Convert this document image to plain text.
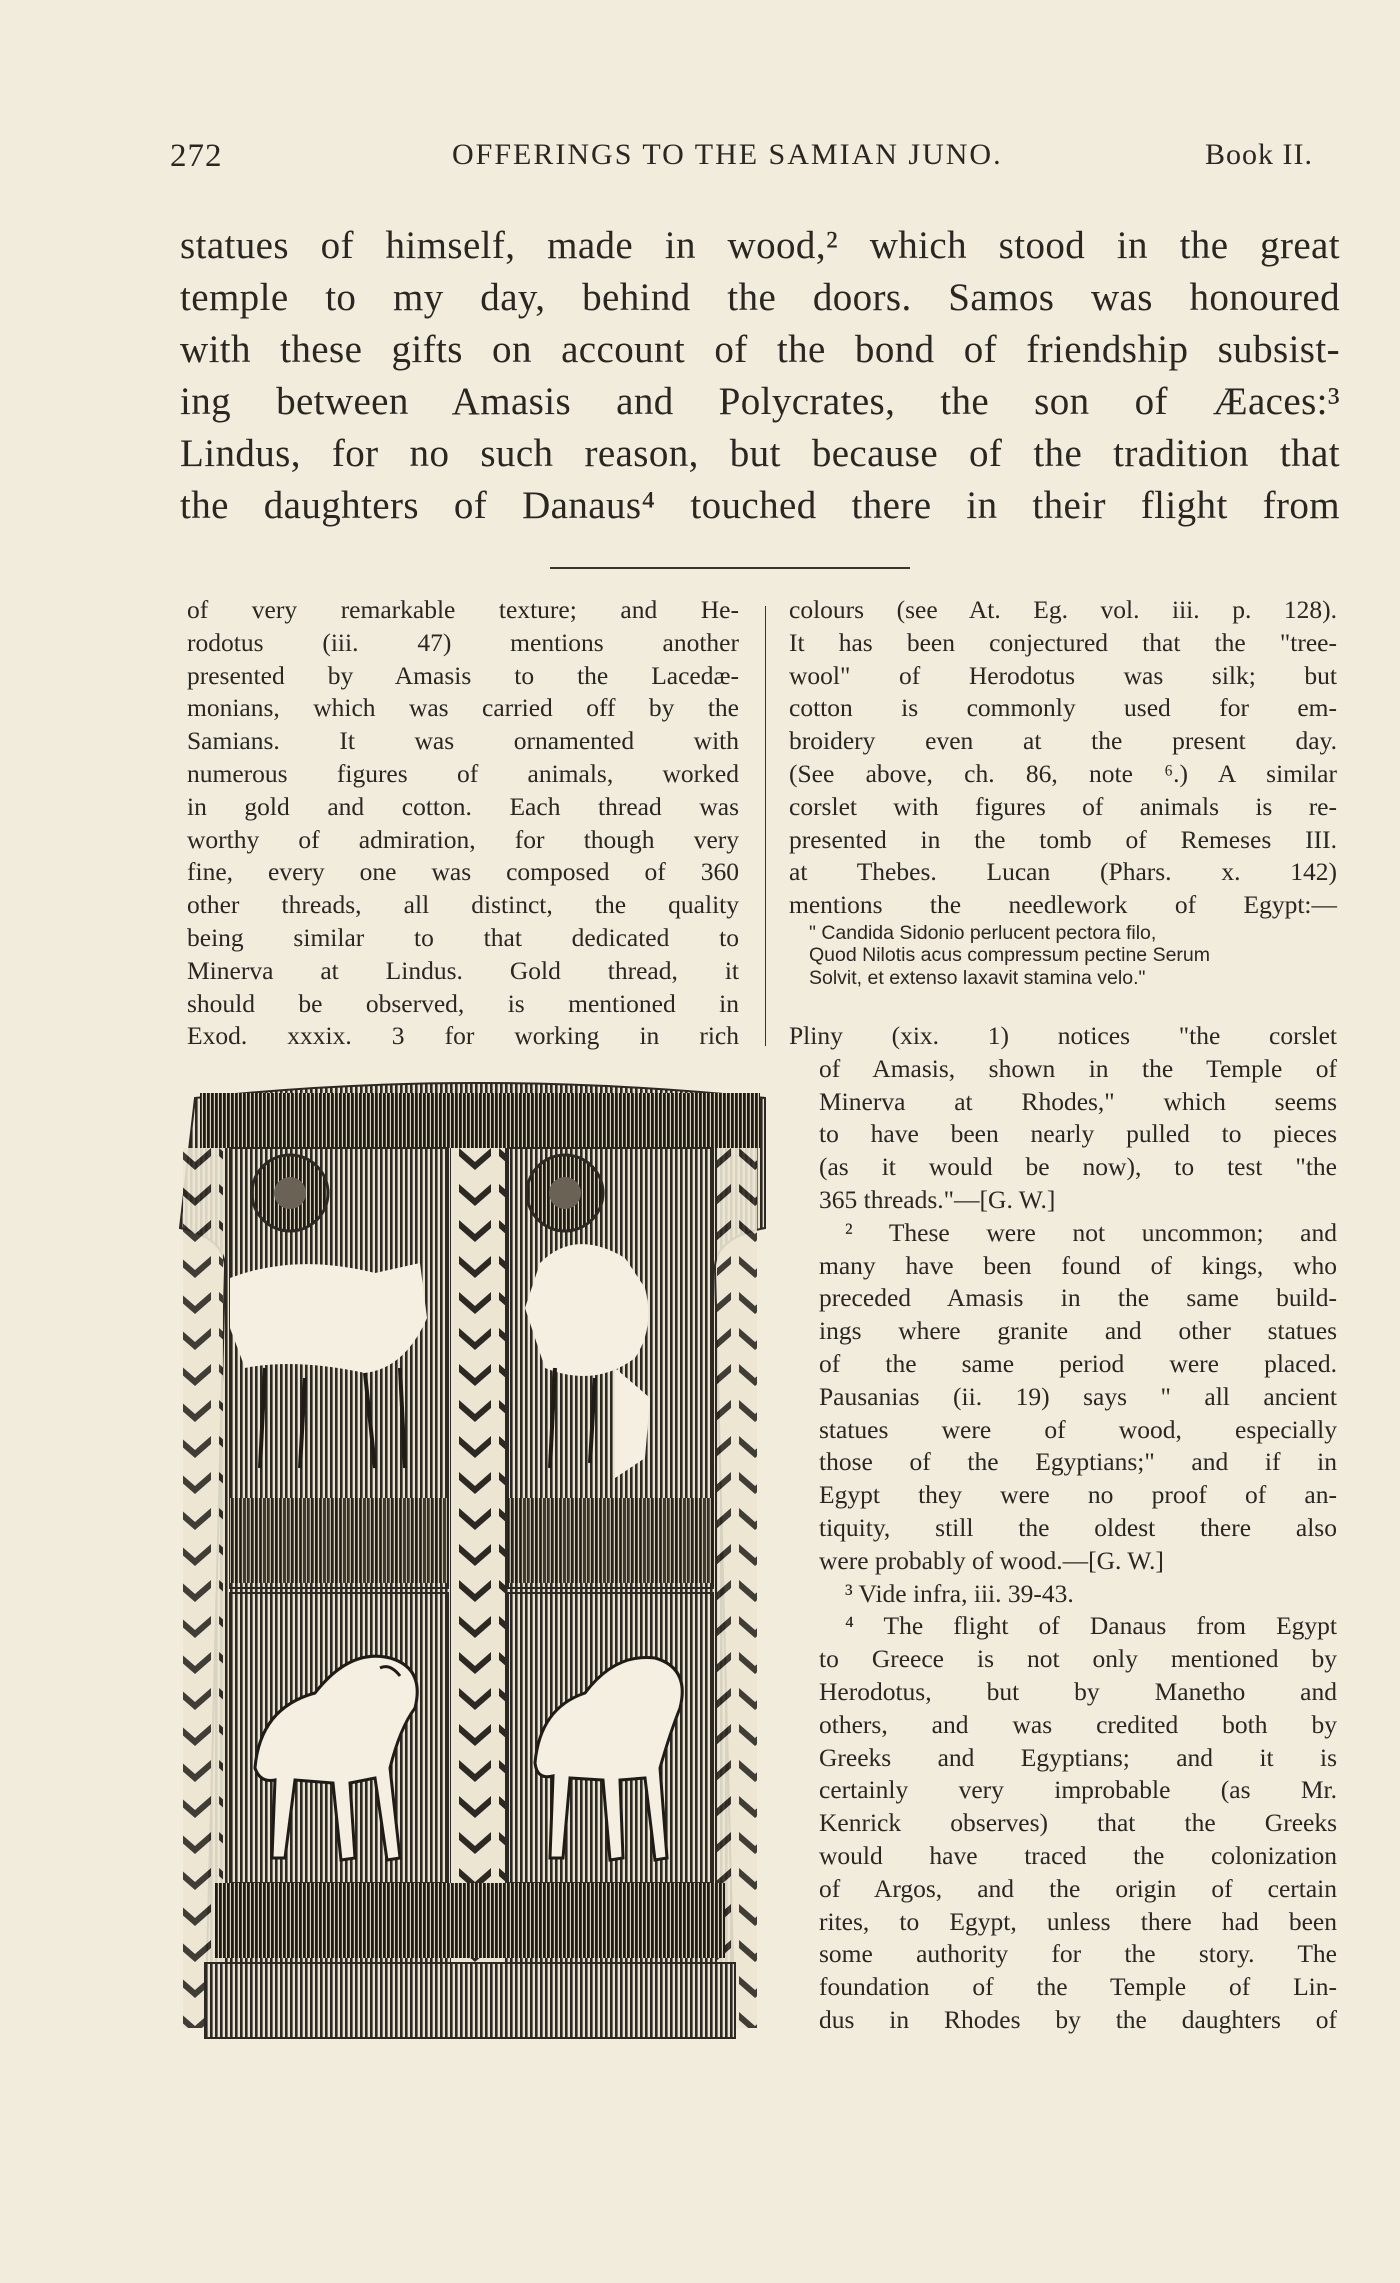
272	OFFERINGS TO THE SAMIAN JUNO.	Book II.

statues of himself, made in wood,² which stood in the great

temple to my day, behind the doors. Samos was honoured

with these gifts on account of the bond of friendship subsist-

ing between Amasis and Polycrates, the son of Æaces:³

Lindus, for no such reason, but because of the tradition that

the daughters of Danaus⁴ touched there in their flight from

of very remarkable texture; and He-

rodotus (iii. 47) mentions another

presented by Amasis to the Lacedæ-

monians, which was carried off by the

Samians. It was ornamented with

numerous figures of animals, worked

in gold and cotton. Each thread was

worthy of admiration, for though very

fine, every one was composed of 360

other threads, all distinct, the quality

being similar to that dedicated to

Minerva at Lindus. Gold thread, it

should be observed, is mentioned in

Exod. xxxix. 3 for working in rich

colours (see At. Eg. vol. iii. p. 128).

It has been conjectured that the "tree-

wool" of Herodotus was silk; but

cotton is commonly used for em-

broidery even at the present day.

(See above, ch. 86, note ⁶.) A similar

corslet with figures of animals is re-

presented in the tomb of Remeses III.

at Thebes. Lucan (Phars. x. 142)

mentions the needlework of Egypt:—

" Candida Sidonio perlucent pectora filo,

Quod Nilotis acus compressum pectine Serum

Solvit, et extenso laxavit stamina velo."

Pliny (xix. 1) notices "the corslet

of Amasis, shown in the Temple of

Minerva at Rhodes," which seems

to have been nearly pulled to pieces

(as it would be now), to test "the

365 threads."—[G. W.]

² These were not uncommon; and

many have been found of kings, who

preceded Amasis in the same build-

ings where granite and other statues

of the same period were placed.

Pausanias (ii. 19) says " all ancient

statues were of wood, especially

those of the Egyptians;" and if in

Egypt they were no proof of an-

tiquity, still the oldest there also

were probably of wood.—[G. W.]

³ Vide infra, iii. 39-43.

⁴ The flight of Danaus from Egypt

to Greece is not only mentioned by

Herodotus, but by Manetho and

others, and was credited both by

Greeks and Egyptians; and it is

certainly very improbable (as Mr.

Kenrick observes) that the Greeks

would have traced the colonization

of Argos, and the origin of certain

rites, to Egypt, unless there had been

some authority for the story. The

foundation of the Temple of Lin-

dus in Rhodes by the daughters of
